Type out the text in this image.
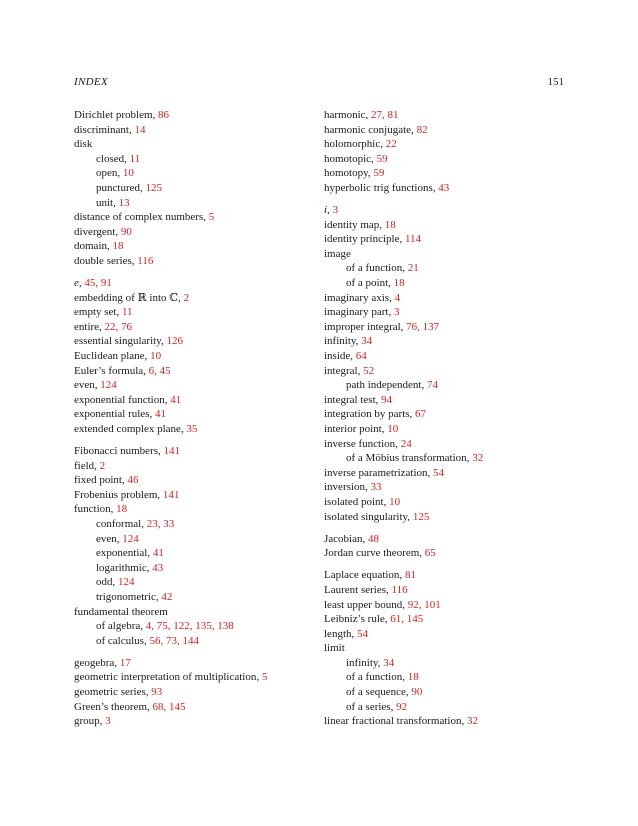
INDEX	151
Dirichlet problem, 86
discriminant, 14
disk
closed, 11
open, 10
punctured, 125
unit, 13
distance of complex numbers, 5
divergent, 90
domain, 18
double series, 116
e, 45, 91
embedding of ℝ into ℂ, 2
empty set, 11
entire, 22, 76
essential singularity, 126
Euclidean plane, 10
Euler’s formula, 6, 45
even, 124
exponential function, 41
exponential rules, 41
extended complex plane, 35
Fibonacci numbers, 141
field, 2
fixed point, 46
Frobenius problem, 141
function, 18
conformal, 23, 33
even, 124
exponential, 41
logarithmic, 43
odd, 124
trigonometric, 42
fundamental theorem
of algebra, 4, 75, 122, 135, 138
of calculus, 56, 73, 144
geogebra, 17
geometric interpretation of multiplication, 5
geometric series, 93
Green’s theorem, 68, 145
group, 3
harmonic, 27, 81
harmonic conjugate, 82
holomorphic, 22
homotopic, 59
homotopy, 59
hyperbolic trig functions, 43
i, 3
identity map, 18
identity principle, 114
image
of a function, 21
of a point, 18
imaginary axis, 4
imaginary part, 3
improper integral, 76, 137
infinity, 34
inside, 64
integral, 52
path independent, 74
integral test, 94
integration by parts, 67
interior point, 10
inverse function, 24
of a Möbius transformation, 32
inverse parametrization, 54
inversion, 33
isolated point, 10
isolated singularity, 125
Jacobian, 48
Jordan curve theorem, 65
Laplace equation, 81
Laurent series, 116
least upper bound, 92, 101
Leibniz’s rule, 61, 145
length, 54
limit
infinity, 34
of a function, 18
of a sequence, 90
of a series, 92
linear fractional transformation, 32
